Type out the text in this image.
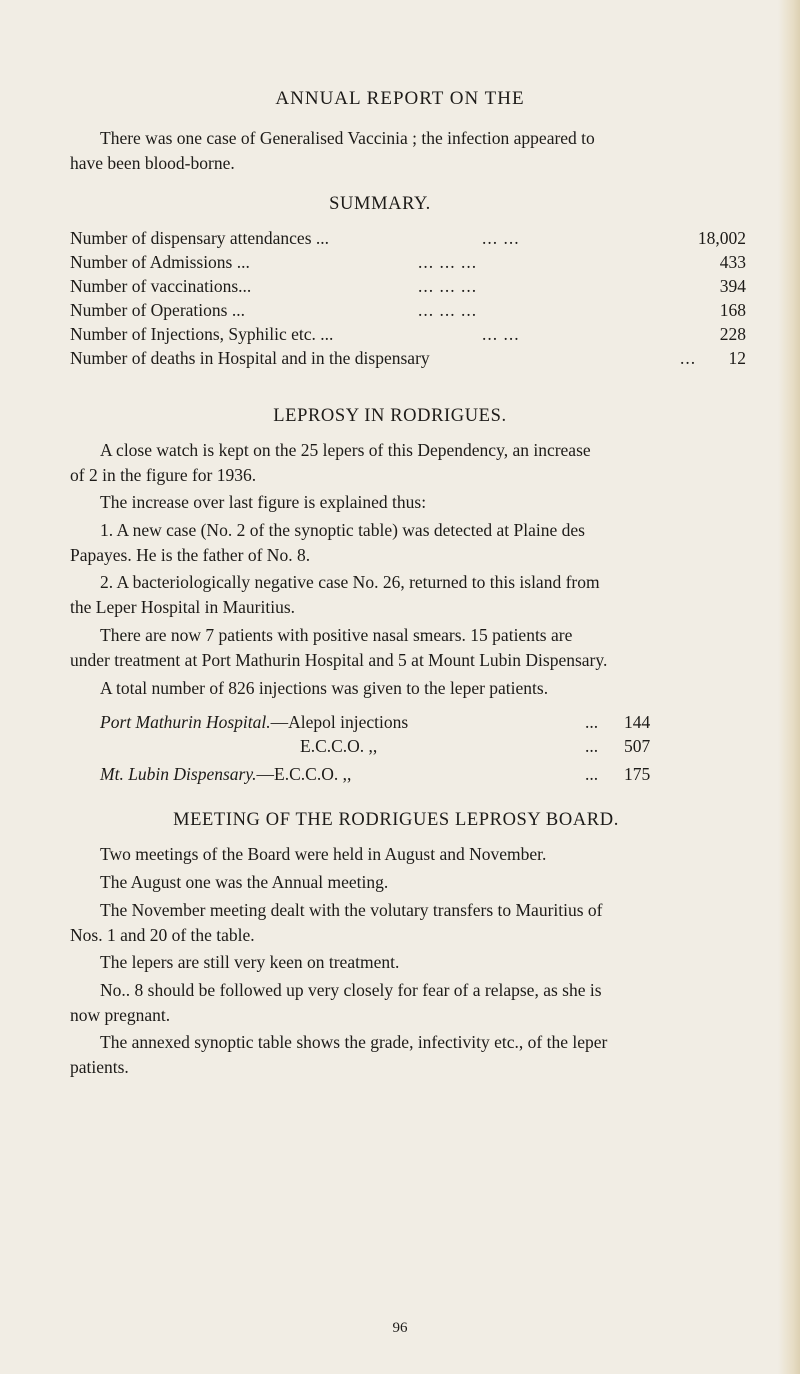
ANNUAL REPORT ON THE
There was one case of Generalised Vaccinia ; the infection appeared to
have been blood-borne.
SUMMARY.
Number of dispensary attendances ...	... ...	18,002
Number of Admissions ...	... ... ...	433
Number of vaccinations...	... ... ...	394
Number of Operations ...	... ... ...	168
Number of Injections, Syphilic etc. ...	... ...	228
Number of deaths in Hospital and in the dispensary	... 12
LEPROSY IN RODRIGUES.
A close watch is kept on the 25 lepers of this Dependency, an increase
of 2 in the figure for 1936.
The increase over last figure is explained thus:
1. A new case (No. 2 of the synoptic table) was detected at Plaine des
Papayes. He is the father of No. 8.
2. A bacteriologically negative case No. 26, returned to this island from
the Leper Hospital in Mauritius.
There are now 7 patients with positive nasal smears. 15 patients are
under treatment at Port Mathurin Hospital and 5 at Mount Lubin Dispensary.
A total number of 826 injections was given to the leper patients.
Port Mathurin Hospital.—Alepol injections	... 144
E.C.C.O. ,,	... 507
Mt. Lubin Dispensary.—E.C.C.O. ,,	... 175
MEETING OF THE RODRIGUES LEPROSY BOARD.
Two meetings of the Board were held in August and November.
The August one was the Annual meeting.
The November meeting dealt with the volutary transfers to Mauritius of
Nos. 1 and 20 of the table.
The lepers are still very keen on treatment.
No.. 8 should be followed up very closely for fear of a relapse, as she is
now pregnant.
The annexed synoptic table shows the grade, infectivity etc., of the leper
patients.
96
